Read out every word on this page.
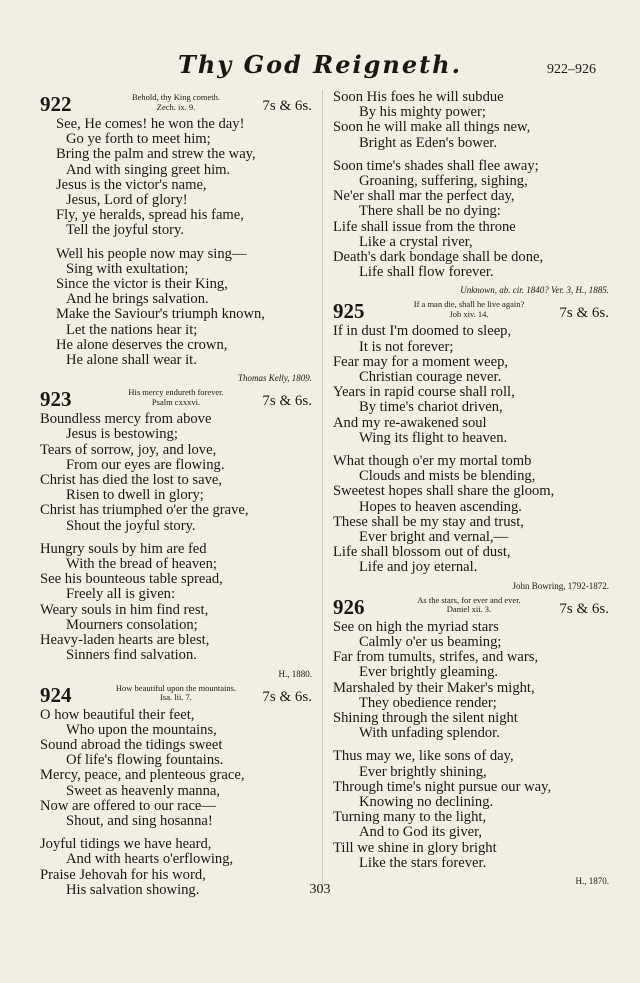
Thy God Reigneth.	922–926
922	Behold, thy King cometh.
Zech. ix. 9.	7s & 6s.
See, He comes! he won the day!
Go ye forth to meet him;
Bring the palm and strew the way,
And with singing greet him.
Jesus is the victor's name,
Jesus, Lord of glory!
Fly, ye heralds, spread his fame,
Tell the joyful story.
Well his people now may sing—
Sing with exultation;
Since the victor is their King,
And he brings salvation.
Make the Saviour's triumph known,
Let the nations hear it;
He alone deserves the crown,
He alone shall wear it.
Thomas Kelly, 1809.
923	His mercy endureth forever.
Psalm cxxxvi.	7s & 6s.
Boundless mercy from above
Jesus is bestowing;
Tears of sorrow, joy, and love,
From our eyes are flowing.
Christ has died the lost to save,
Risen to dwell in glory;
Christ has triumphed o'er the grave,
Shout the joyful story.
Hungry souls by him are fed
With the bread of heaven;
See his bounteous table spread,
Freely all is given:
Weary souls in him find rest,
Mourners consolation;
Heavy-laden hearts are blest,
Sinners find salvation.
H., 1880.
924	How beautiful upon the mountains.
Isa. lii. 7.	7s & 6s.
O how beautiful their feet,
Who upon the mountains,
Sound abroad the tidings sweet
Of life's flowing fountains.
Mercy, peace, and plenteous grace,
Sweet as heavenly manna,
Now are offered to our race—
Shout, and sing hosanna!
Joyful tidings we have heard,
And with hearts o'erflowing,
Praise Jehovah for his word,
His salvation showing.
Soon His foes he will subdue
By his mighty power;
Soon he will make all things new,
Bright as Eden's bower.
Soon time's shades shall flee away;
Groaning, suffering, sighing,
Ne'er shall mar the perfect day,
There shall be no dying:
Life shall issue from the throne
Like a crystal river,
Death's dark bondage shall be done,
Life shall flow forever.
Unknown, ab. cir. 1840? Ver. 3, H., 1885.
925	If a man die, shall he live again?
Job xiv. 14.	7s & 6s.
If in dust I'm doomed to sleep,
It is not forever;
Fear may for a moment weep,
Christian courage never.
Years in rapid course shall roll,
By time's chariot driven,
And my re-awakened soul
Wing its flight to heaven.
What though o'er my mortal tomb
Clouds and mists be blending,
Sweetest hopes shall share the gloom,
Hopes to heaven ascending.
These shall be my stay and trust,
Ever bright and vernal,—
Life shall blossom out of dust,
Life and joy eternal.
John Bowring, 1792-1872.
926	As the stars, for ever and ever.
Daniel xii. 3.	7s & 6s.
See on high the myriad stars
Calmly o'er us beaming;
Far from tumults, strifes, and wars,
Ever brightly gleaming.
Marshaled by their Maker's might,
They obedience render;
Shining through the silent night
With unfading splendor.
Thus may we, like sons of day,
Ever brightly shining,
Through time's night pursue our way,
Knowing no declining.
Turning many to the light,
And to God its giver,
Till we shine in glory bright
Like the stars forever.
H., 1870.
303
